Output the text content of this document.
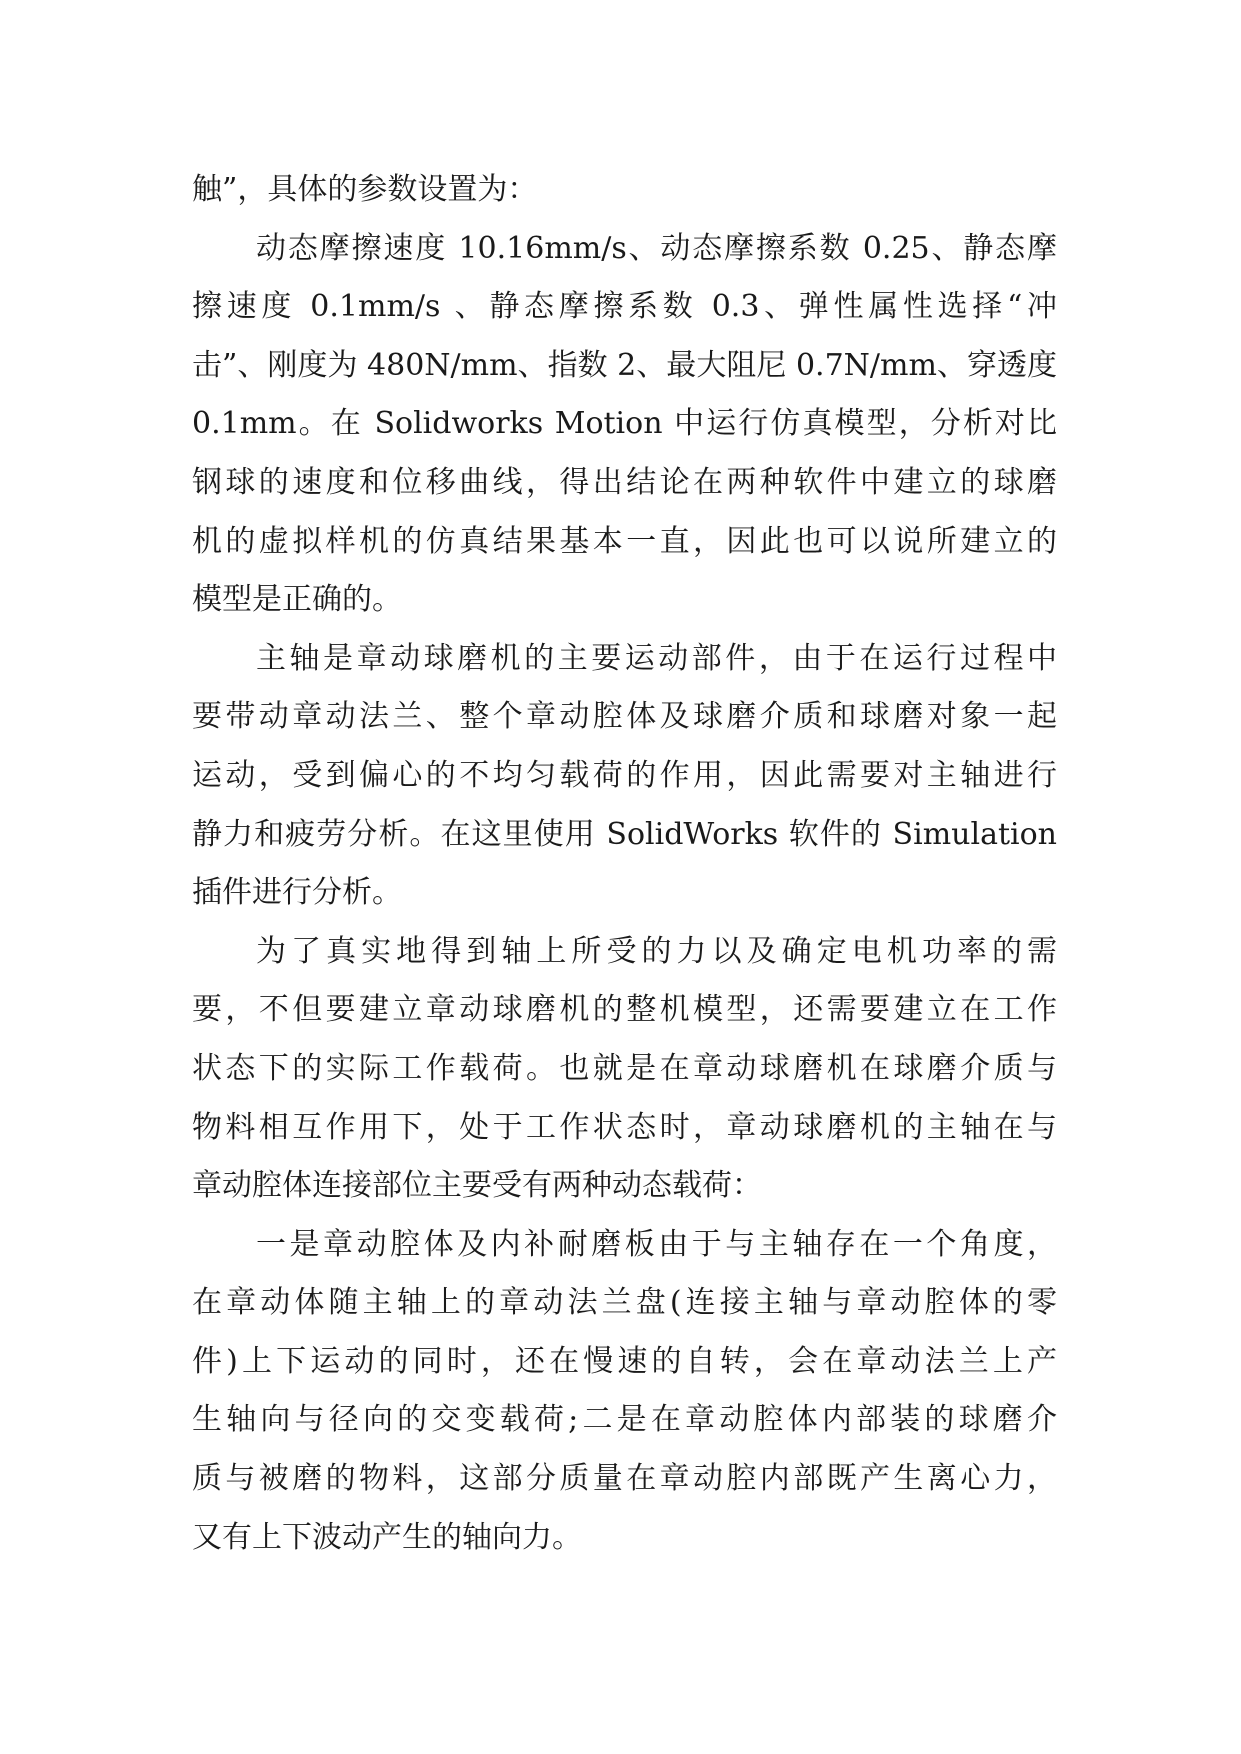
触”，具体的参数设置为：

动态摩擦速度 10.16mm/s、动态摩擦系数 0.25、静态摩
擦速度 0.1mm/s 、静态摩擦系数 0.3、弹性属性选择“冲
击”、刚度为 480N/mm、指数 2、最大阻尼 0.7N/mm、穿透度
0.1mm。在 Solidworks Motion 中运行仿真模型，分析对比
钢球的速度和位移曲线，得出结论在两种软件中建立的球磨
机的虚拟样机的仿真结果基本一直，因此也可以说所建立的
模型是正确的。

主轴是章动球磨机的主要运动部件，由于在运行过程中
要带动章动法兰、整个章动腔体及球磨介质和球磨对象一起
运动，受到偏心的不均匀载荷的作用，因此需要对主轴进行
静力和疲劳分析。在这里使用 SolidWorks 软件的 Simulation
插件进行分析。

为了真实地得到轴上所受的力以及确定电机功率的需
要，不但要建立章动球磨机的整机模型，还需要建立在工作
状态下的实际工作载荷。也就是在章动球磨机在球磨介质与
物料相互作用下，处于工作状态时，章动球磨机的主轴在与
章动腔体连接部位主要受有两种动态载荷：

一是章动腔体及内补耐磨板由于与主轴存在一个角度，
在章动体随主轴上的章动法兰盘(连接主轴与章动腔体的零
件)上下运动的同时，还在慢速的自转，会在章动法兰上产
生轴向与径向的交变载荷;二是在章动腔体内部装的球磨介
质与被磨的物料，这部分质量在章动腔内部既产生离心力，
又有上下波动产生的轴向力。
